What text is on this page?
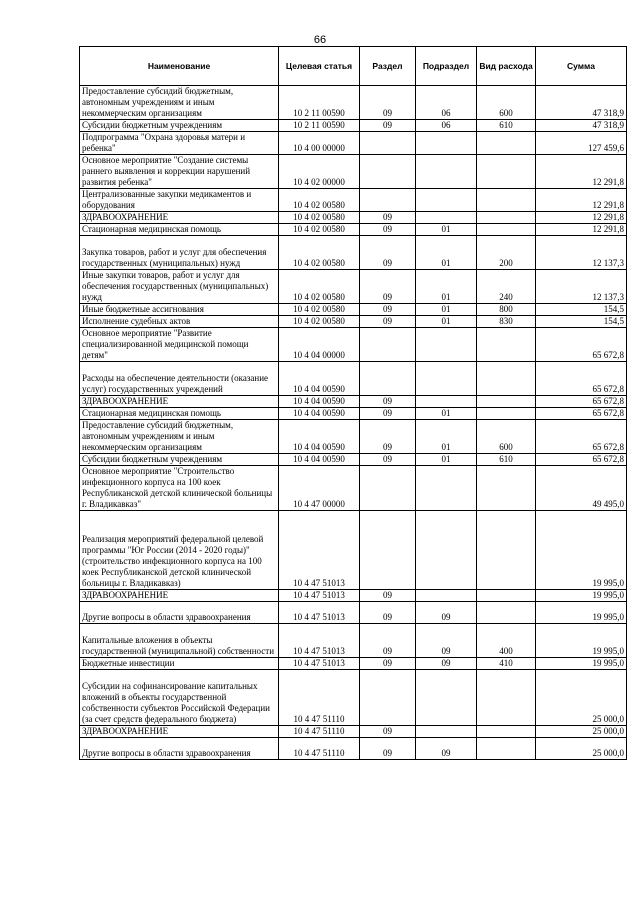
66
Наименование	Целевая статья	Раздел	Подраздел	Вид расхода	Сумма
Предоставление субсидий бюджетным, автономным учреждениям и иным некоммерческим организациям	10 2 11 00590	09	06	600	47 318,9
Субсидии бюджетным учреждениям	10 2 11 00590	09	06	610	47 318,9
Подпрограмма "Охрана здоровья матери и ребенка"	10 4 00 00000				127 459,6
Основное мероприятие "Создание системы раннего выявления и коррекции нарушений развития ребенка"	10 4 02 00000				12 291,8
Централизованные закупки медикаментов и оборудования	10 4 02 00580				12 291,8
ЗДРАВООХРАНЕНИЕ	10 4 02 00580	09			12 291,8
Стационарная медицинская помощь	10 4 02 00580	09	01		12 291,8
Закупка товаров, работ и услуг для обеспечения государственных (муниципальных) нужд	10 4 02 00580	09	01	200	12 137,3
Иные закупки товаров, работ и услуг для обеспечения государственных (муниципальных) нужд	10 4 02 00580	09	01	240	12 137,3
Иные бюджетные ассигнования	10 4 02 00580	09	01	800	154,5
Исполнение судебных актов	10 4 02 00580	09	01	830	154,5
Основное мероприятие "Развитие специализированной медицинской помощи детям"	10 4 04 00000				65 672,8
Расходы на обеспечение деятельности (оказание услуг) государственных учреждений	10 4 04 00590				65 672,8
ЗДРАВООХРАНЕНИЕ	10 4 04 00590	09			65 672,8
Стационарная медицинская помощь	10 4 04 00590	09	01		65 672,8
Предоставление субсидий бюджетным, автономным учреждениям и иным некоммерческим организациям	10 4 04 00590	09	01	600	65 672,8
Субсидии бюджетным учреждениям	10 4 04 00590	09	01	610	65 672,8
Основное мероприятие "Строительство инфекционного корпуса на 100 коек Республиканской детской клинической больницы г. Владикавказ"	10 4 47 00000				49 495,0
Реализация мероприятий федеральной целевой программы "Юг России (2014 - 2020 годы)" (строительство инфекционного корпуса на 100 коек Республиканской детской клинической больницы г. Владикавказ)	10 4 47 51013				19 995,0
ЗДРАВООХРАНЕНИЕ	10 4 47 51013	09			19 995,0
Другие вопросы в области здравоохранения	10 4 47 51013	09	09		19 995,0
Капитальные вложения в объекты государственной (муниципальной) собственности	10 4 47 51013	09	09	400	19 995,0
Бюджетные инвестиции	10 4 47 51013	09	09	410	19 995,0
Субсидии на софинансирование капитальных вложений в объекты государственной собственности субъектов Российской Федерации (за счет средств федерального бюджета)	10 4 47 51110				25 000,0
ЗДРАВООХРАНЕНИЕ	10 4 47 51110	09			25 000,0
Другие вопросы в области здравоохранения	10 4 47 51110	09	09		25 000,0
